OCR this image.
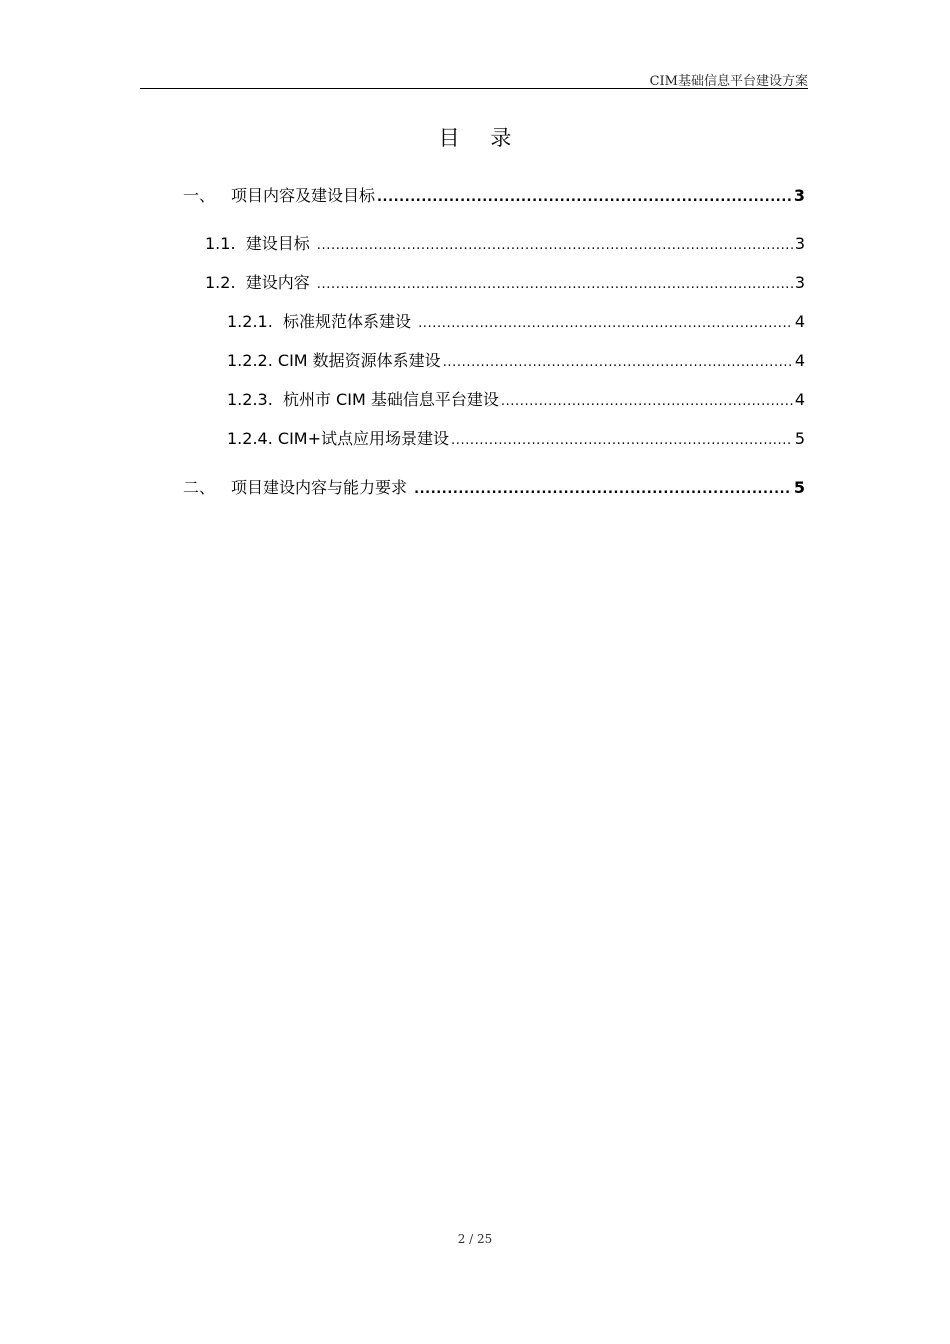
CIM基础信息平台建设方案
目 录
一、 项目内容及建设目标 .....	3
1.1. 建设目标 .....	3
1.2. 建设内容 .....	3
1.2.1. 标准规范体系建设 .....	4
1.2.2. CIM 数据资源体系建设 .....	4
1.2.3. 杭州市 CIM 基础信息平台建设 .....	4
1.2.4. CIM+试点应用场景建设 .....	5
二、 项目建设内容与能力要求 .....	5
2 / 25
